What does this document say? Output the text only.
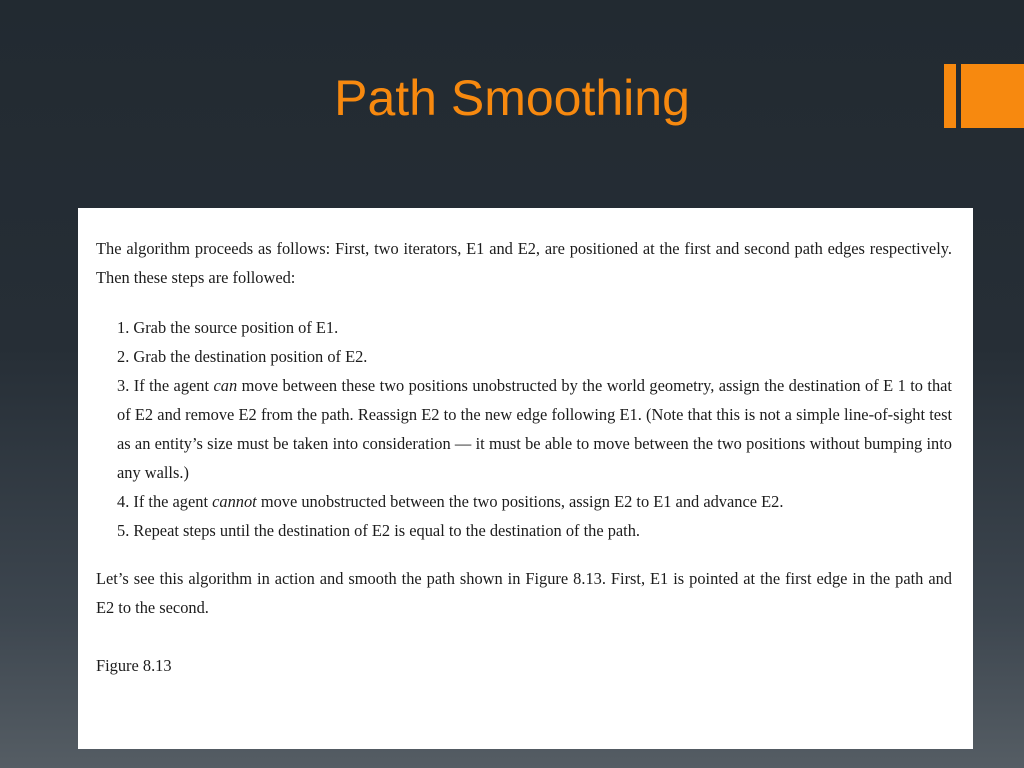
Path Smoothing

The algorithm proceeds as follows: First, two iterators, E1 and E2, are positioned at the first and second path edges respectively. Then these steps are followed:

1. Grab the source position of E1.
2. Grab the destination position of E2.
3. If the agent can move between these two positions unobstructed by the world geometry, assign the destination of E 1 to that of E2 and remove E2 from the path. Reassign E2 to the new edge following E1. (Note that this is not a simple line-of-sight test as an entity’s size must be taken into consideration — it must be able to move between the two positions without bumping into any walls.)
4. If the agent cannot move unobstructed between the two positions, assign E2 to E1 and advance E2.
5. Repeat steps until the destination of E2 is equal to the destination of the path.

Let’s see this algorithm in action and smooth the path shown in Figure 8.13. First, E1 is pointed at the first edge in the path and E2 to the second.

Figure 8.13
